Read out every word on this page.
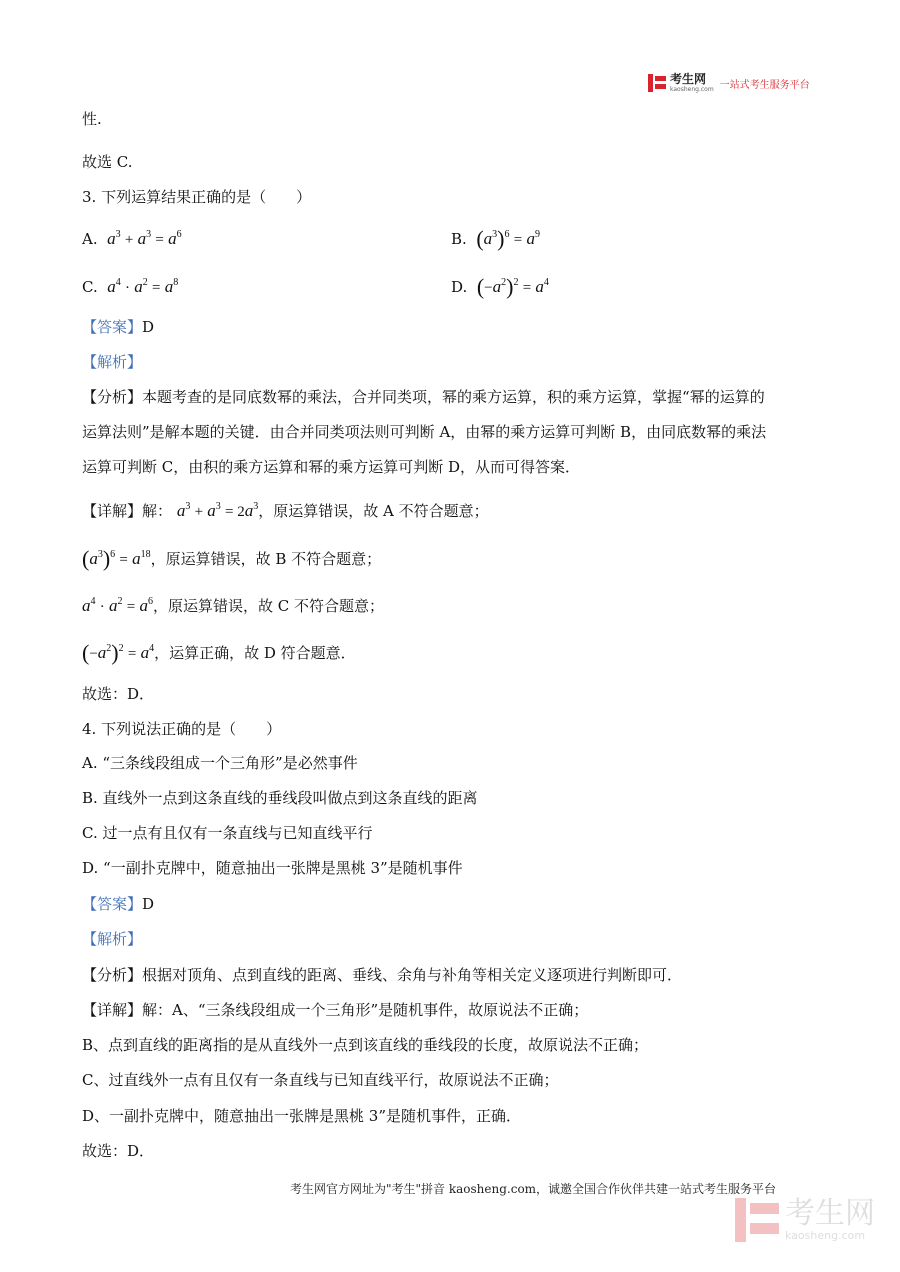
考生网
kaosheng.com 一站式考生服务平台
性.
故选 C.
3. 下列运算结果正确的是（　　）
A. $a^3 + a^3 = a^6$	B. $(a^3)^6 = a^9$
C. $a^4 \cdot a^2 = a^8$	D. $(-a^2)^2 = a^4$
【答案】D
【解析】
【分析】本题考查的是同底数幂的乘法，合并同类项，幂的乘方运算，积的乘方运算，掌握“幂的运算的
运算法则”是解本题的关键．由合并同类项法则可判断 A，由幂的乘方运算可判断 B，由同底数幂的乘法
运算可判断 C，由积的乘方运算和幂的乘方运算可判断 D，从而可得答案．
【详解】解： $a^3 + a^3 = 2a^3$，原运算错误，故 A 不符合题意；
$(a^3)^6 = a^{18}$，原运算错误，故 B 不符合题意；
$a^4 \cdot a^2 = a^6$，原运算错误，故 C 不符合题意；
$(-a^2)^2 = a^4$，运算正确，故 D 符合题意．
故选：D．
4. 下列说法正确的是（　　）
A. “三条线段组成一个三角形”是必然事件
B. 直线外一点到这条直线的垂线段叫做点到这条直线的距离
C. 过一点有且仅有一条直线与已知直线平行
D. “一副扑克牌中，随意抽出一张牌是黑桃 3”是随机事件
【答案】D
【解析】
【分析】根据对顶角、点到直线的距离、垂线、余角与补角等相关定义逐项进行判断即可．
【详解】解：A、“三条线段组成一个三角形”是随机事件，故原说法不正确；
B、点到直线的距离指的是从直线外一点到该直线的垂线段的长度，故原说法不正确；
C、过直线外一点有且仅有一条直线与已知直线平行，故原说法不正确；
D、一副扑克牌中，随意抽出一张牌是黑桃 3”是随机事件，正确．
故选：D．
考生网官方网址为"考生"拼音 kaosheng.com，诚邀全国合作伙伴共建一站式考生服务平台
考生网
kaosheng.com
